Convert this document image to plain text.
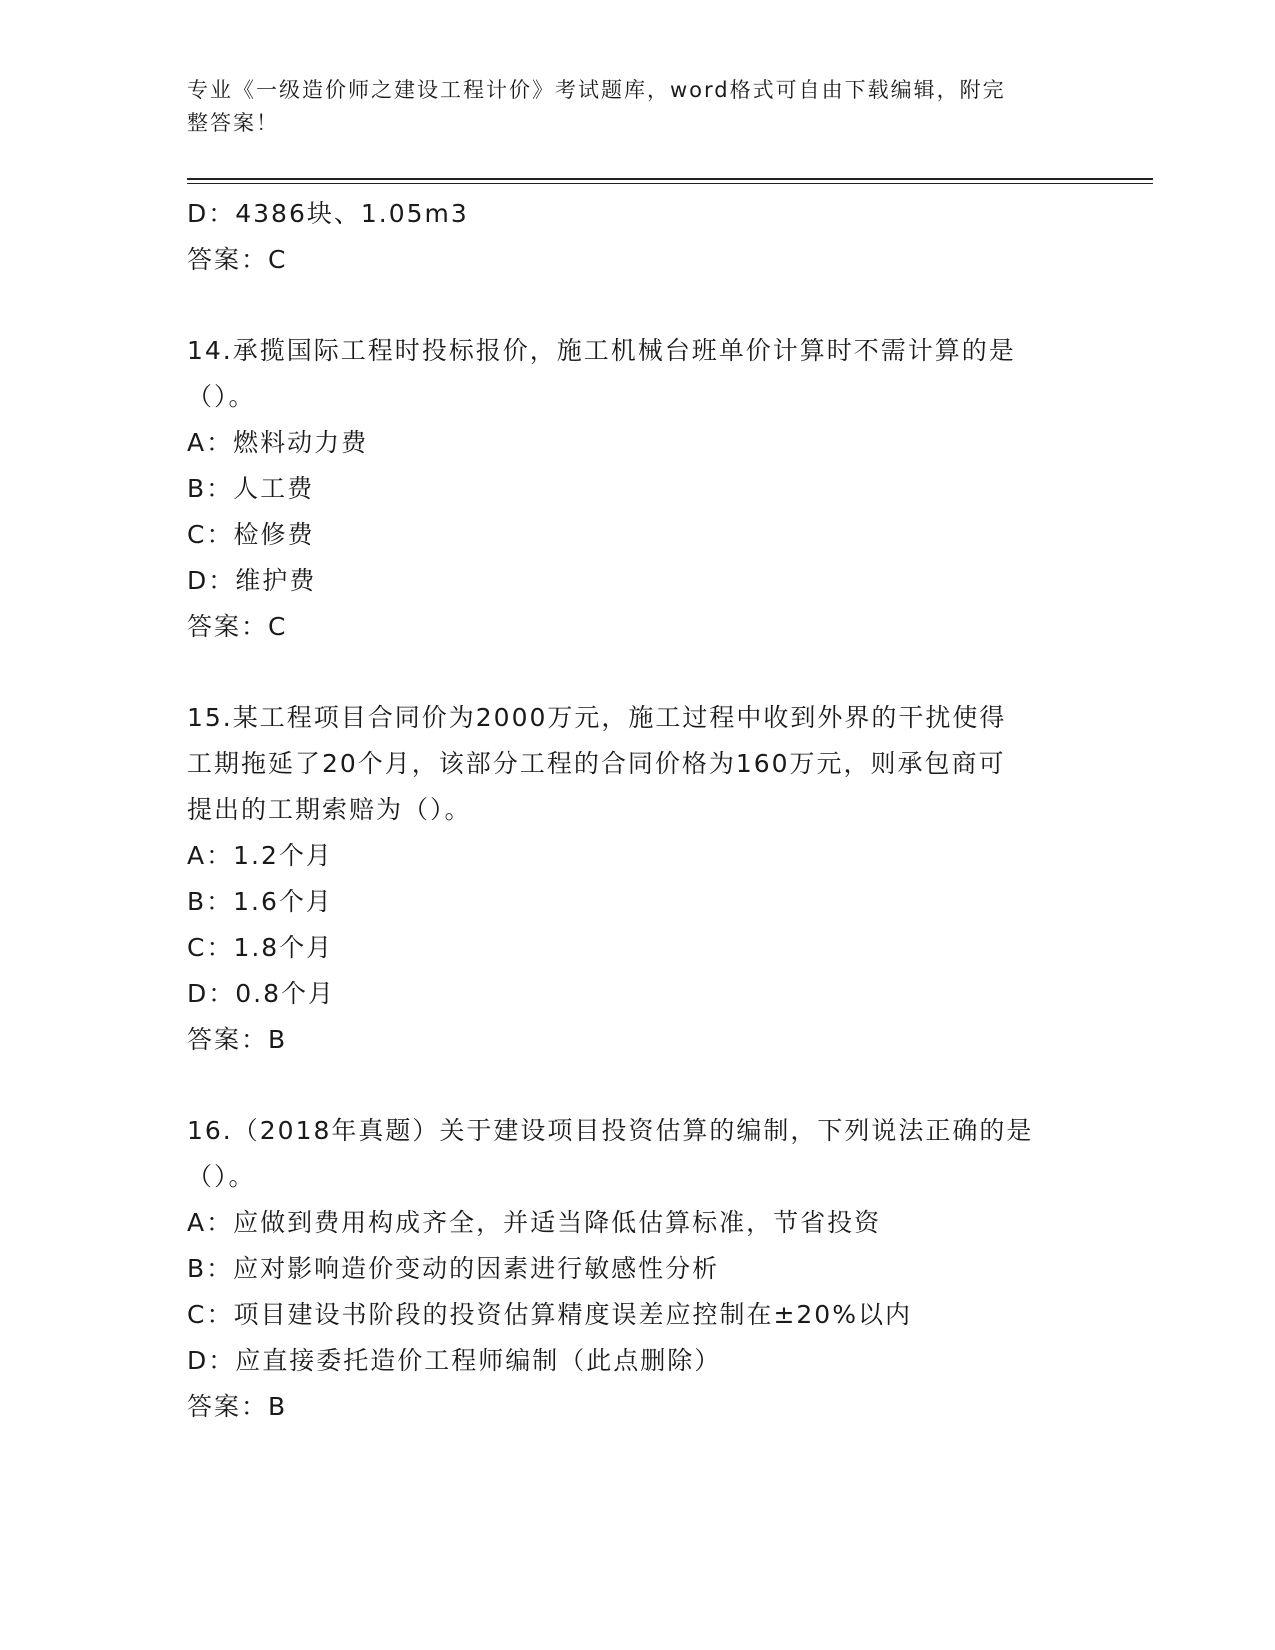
专业《一级造价师之建设工程计价》考试题库，word格式可自由下载编辑，附完
整答案！
D：4386块、1.05m3
答案：C
14.承揽国际工程时投标报价，施工机械台班单价计算时不需计算的是
（）。
A：燃料动力费
B：人工费
C：检修费
D：维护费
答案：C
15.某工程项目合同价为2000万元，施工过程中收到外界的干扰使得
工期拖延了20个月，该部分工程的合同价格为160万元，则承包商可
提出的工期索赔为（）。
A：1.2个月
B：1.6个月
C：1.8个月
D：0.8个月
答案：B
16.（2018年真题）关于建设项目投资估算的编制，下列说法正确的是
（）。
A：应做到费用构成齐全，并适当降低估算标准，节省投资
B：应对影响造价变动的因素进行敏感性分析
C：项目建设书阶段的投资估算精度误差应控制在±20%以内
D：应直接委托造价工程师编制（此点删除）
答案：B
